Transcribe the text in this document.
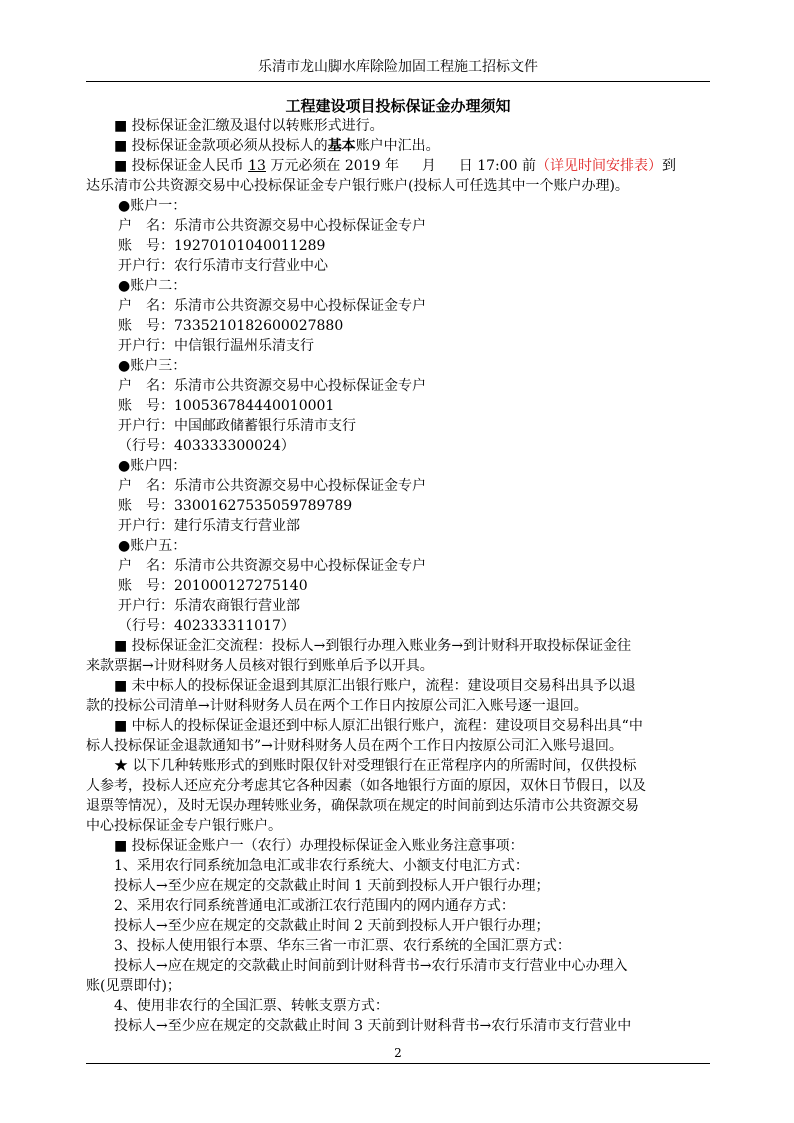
乐清市龙山脚水库除险加固工程施工招标文件
工程建设项目投标保证金办理须知
■ 投标保证金汇缴及退付以转账形式进行。
■ 投标保证金款项必须从投标人的基本账户中汇出。
■ 投标保证金人民币 13 万元必须在 2019 年  月  日 17:00 前（详见时间安排表）到
达乐清市公共资源交易中心投标保证金专户银行账户(投标人可任选其中一个账户办理)。
●账户一：
户　名：乐清市公共资源交易中心投标保证金专户
账　号：19270101040011289
开户行：农行乐清市支行营业中心
●账户二：
户　名：乐清市公共资源交易中心投标保证金专户
账　号：7335210182600027880
开户行：中信银行温州乐清支行
●账户三：
户　名：乐清市公共资源交易中心投标保证金专户
账　号：100536784440010001
开户行：中国邮政储蓄银行乐清市支行
（行号：403333300024）
●账户四：
户　名：乐清市公共资源交易中心投标保证金专户
账　号：33001627535059789789
开户行：建行乐清支行营业部
●账户五：
户　名：乐清市公共资源交易中心投标保证金专户
账　号：201000127275140
开户行：乐清农商银行营业部
（行号：402333311017）
■ 投标保证金汇交流程：投标人→到银行办理入账业务→到计财科开取投标保证金往
来款票据→计财科财务人员核对银行到账单后予以开具。
■ 未中标人的投标保证金退到其原汇出银行账户，流程：建设项目交易科出具予以退
款的投标公司清单→计财科财务人员在两个工作日内按原公司汇入账号逐一退回。
■ 中标人的投标保证金退还到中标人原汇出银行账户，流程：建设项目交易科出具“中
标人投标保证金退款通知书”→计财科财务人员在两个工作日内按原公司汇入账号退回。
★ 以下几种转账形式的到账时限仅针对受理银行在正常程序内的所需时间，仅供投标
人参考，投标人还应充分考虑其它各种因素（如各地银行方面的原因，双休日节假日，以及
退票等情况），及时无误办理转账业务，确保款项在规定的时间前到达乐清市公共资源交易
中心投标保证金专户银行账户。
■ 投标保证金账户一（农行）办理投标保证金入账业务注意事项：
1、采用农行同系统加急电汇或非农行系统大、小额支付电汇方式：
投标人→至少应在规定的交款截止时间 1 天前到投标人开户银行办理；
2、采用农行同系统普通电汇或浙江农行范围内的网内通存方式：
投标人→至少应在规定的交款截止时间 2 天前到投标人开户银行办理；
3、投标人使用银行本票、华东三省一市汇票、农行系统的全国汇票方式：
投标人→应在规定的交款截止时间前到计财科背书→农行乐清市支行营业中心办理入
账(见票即付)；
4、使用非农行的全国汇票、转帐支票方式：
投标人→至少应在规定的交款截止时间 3 天前到计财科背书→农行乐清市支行营业中
2
